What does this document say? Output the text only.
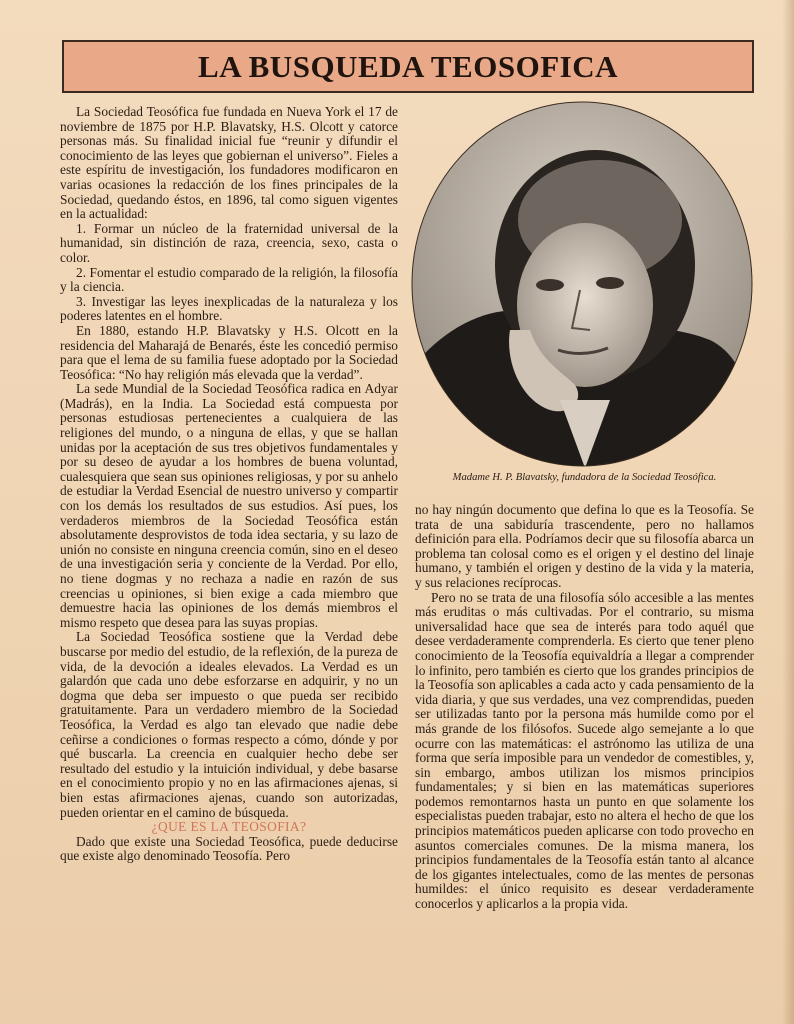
LA BUSQUEDA TEOSOFICA

La Sociedad Teosófica fue fundada en Nueva York el 17 de noviembre de 1875 por H.P. Blavatsky, H.S. Olcott y catorce personas más. Su finalidad inicial fue “reunir y difundir el conocimiento de las leyes que gobiernan el universo”. Fieles a este espíritu de investigación, los fundadores modificaron en varias ocasiones la redacción de los fines principales de la Sociedad, quedando éstos, en 1896, tal como siguen vigentes en la actualidad:

1. Formar un núcleo de la fraternidad universal de la humanidad, sin distinción de raza, creencia, sexo, casta o color.

2. Fomentar el estudio comparado de la religión, la filosofía y la ciencia.

3. Investigar las leyes inexplicadas de la naturaleza y los poderes latentes en el hombre.

En 1880, estando H.P. Blavatsky y H.S. Olcott en la residencia del Maharajá de Benarés, éste les concedió permiso para que el lema de su familia fuese adoptado por la Sociedad Teosófica: “No hay religión más elevada que la verdad”.

La sede Mundial de la Sociedad Teosófica radica en Adyar (Madrás), en la India. La Sociedad está compuesta por personas estudiosas pertenecientes a cualquiera de las religiones del mundo, o a ninguna de ellas, y que se hallan unidas por la aceptación de sus tres objetivos fundamentales y por su deseo de ayudar a los hombres de buena voluntad, cualesquiera que sean sus opiniones religiosas, y por su anhelo de estudiar la Verdad Esencial de nuestro universo y compartir con los demás los resultados de sus estudios. Así pues, los verdaderos miembros de la Sociedad Teosófica están absolutamente desprovistos de toda idea sectaria, y su lazo de unión no consiste en ninguna creencia común, sino en el deseo de una investigación seria y conciente de la Verdad. Por ello, no tiene dogmas y no rechaza a nadie en razón de sus creencias u opiniones, si bien exige a cada miembro que demuestre hacia las opiniones de los demás miembros el mismo respeto que desea para las suyas propias.

La Sociedad Teosófica sostiene que la Verdad debe buscarse por medio del estudio, de la reflexión, de la pureza de vida, de la devoción a ideales elevados. La Verdad es un galardón que cada uno debe esforzarse en adquirir, y no un dogma que deba ser impuesto o que pueda ser recibido gratuitamente. Para un verdadero miembro de la Sociedad Teosófica, la Verdad es algo tan elevado que nadie debe ceñirse a condiciones o formas respecto a cómo, dónde y por qué buscarla. La creencia en cualquier hecho debe ser resultado del estudio y la intuición individual, y debe basarse en el conocimiento propio y no en las afirmaciones ajenas, si bien estas afirmaciones ajenas, cuando son autorizadas, pueden orientar en el camino de búsqueda.

¿QUE ES LA TEOSOFIA?

Dado que existe una Sociedad Teosófica, puede deducirse que existe algo denominado Teosofía. Pero

Madame H. P. Blavatsky, fundadora de la Sociedad Teosófica.

no hay ningún documento que defina lo que es la Teosofía. Se trata de una sabiduría trascendente, pero no hallamos definición para ella. Podríamos decir que su filosofía abarca un problema tan colosal como es el origen y el destino del linaje humano, y también el origen y destino de la vida y la materia, y sus relaciones recíprocas.

Pero no se trata de una filosofía sólo accesible a las mentes más eruditas o más cultivadas. Por el contrario, su misma universalidad hace que sea de interés para todo aquél que desee verdaderamente comprenderla. Es cierto que tener pleno conocimiento de la Teosofía equivaldría a llegar a comprender lo infinito, pero también es cierto que los grandes principios de la Teosofía son aplicables a cada acto y cada pensamiento de la vida diaria, y que sus verdades, una vez comprendidas, pueden ser utilizadas tanto por la persona más humilde como por el más grande de los filósofos. Sucede algo semejante a lo que ocurre con las matemáticas: el astrónomo las utiliza de una forma que sería imposible para un vendedor de comestibles, y, sin embargo, ambos utilizan los mismos principios fundamentales; y si bien en las matemáticas superiores podemos remontarnos hasta un punto en que solamente los especialistas pueden trabajar, esto no altera el hecho de que los principios matemáticos pueden aplicarse con todo provecho en asuntos comerciales comunes. De la misma manera, los principios fundamentales de la Teosofía están tanto al alcance de los gigantes intelectuales, como de las mentes de personas humildes: el único requisito es desear verdaderamente conocerlos y aplicarlos a la propia vida.
